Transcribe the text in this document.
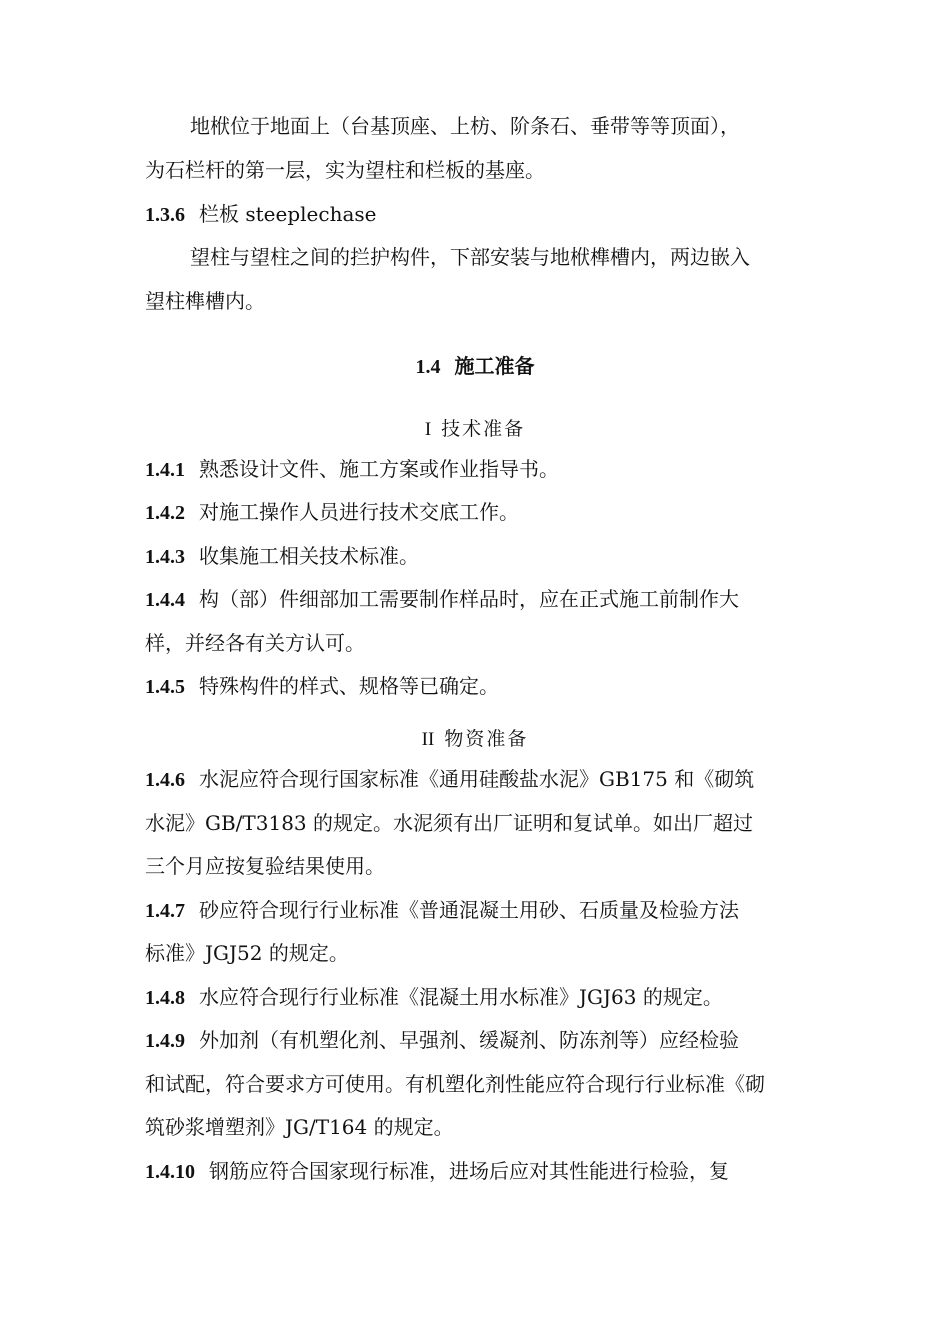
地栿位于地面上（台基顶座、上枋、阶条石、垂带等等顶面），
为石栏杆的第一层，实为望柱和栏板的基座。
1.3.6 栏板 steeplechase
望柱与望柱之间的拦护构件，下部安装与地栿榫槽内，两边嵌入
望柱榫槽内。
1.4 施工准备
I 技术准备
1.4.1 熟悉设计文件、施工方案或作业指导书。
1.4.2 对施工操作人员进行技术交底工作。
1.4.3 收集施工相关技术标准。
1.4.4 构（部）件细部加工需要制作样品时，应在正式施工前制作大
样，并经各有关方认可。
1.4.5 特殊构件的样式、规格等已确定。
II 物资准备
1.4.6 水泥应符合现行国家标准《通用硅酸盐水泥》GB175 和《砌筑
水泥》GB/T3183 的规定。水泥须有出厂证明和复试单。如出厂超过
三个月应按复验结果使用。
1.4.7 砂应符合现行行业标准《普通混凝土用砂、石质量及检验方法
标准》JGJ52 的规定。
1.4.8 水应符合现行行业标准《混凝土用水标准》JGJ63 的规定。
1.4.9 外加剂（有机塑化剂、早强剂、缓凝剂、防冻剂等）应经检验
和试配，符合要求方可使用。有机塑化剂性能应符合现行行业标准《砌
筑砂浆增塑剂》JG/T164 的规定。
1.4.10 钢筋应符合国家现行标准，进场后应对其性能进行检验，复
